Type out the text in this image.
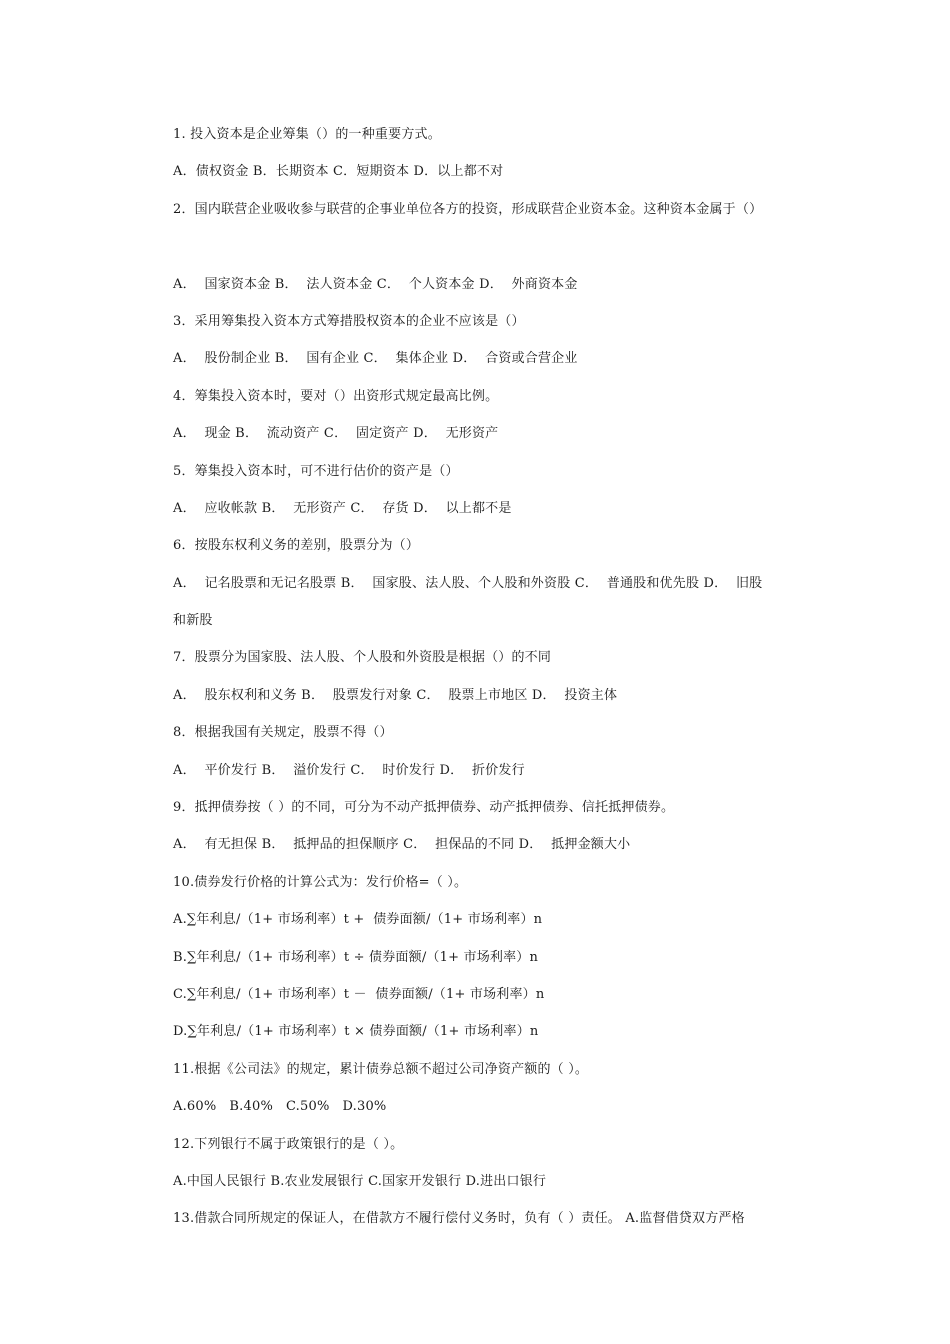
1. 投入资本是企业筹集（）的一种重要方式。
A．债权资金 B．长期资本 C．短期资本 D．以上都不对
2．国内联营企业吸收参与联营的企事业单位各方的投资，形成联营企业资本金。这种资本金属于（）
A．  国家资本金 B．  法人资本金 C．  个人资本金 D．  外商资本金
3．采用筹集投入资本方式筹措股权资本的企业不应该是（）
A．  股份制企业 B．  国有企业 C．  集体企业 D．  合资或合营企业
4．筹集投入资本时，要对（）出资形式规定最高比例。
A．  现金 B．  流动资产 C．  固定资产 D．  无形资产
5．筹集投入资本时，可不进行估价的资产是（）
A．  应收帐款 B．  无形资产 C．  存货 D．  以上都不是
6．按股东权利义务的差别，股票分为（）
A．  记名股票和无记名股票 B．  国家股、法人股、个人股和外资股 C．  普通股和优先股 D．  旧股
和新股
7．股票分为国家股、法人股、个人股和外资股是根据（）的不同
A．  股东权利和义务 B．  股票发行对象 C．  股票上市地区 D．  投资主体
8．根据我国有关规定，股票不得（）
A．  平价发行 B．  溢价发行 C．  时价发行 D．  折价发行
9．抵押债券按（ ）的不同，可分为不动产抵押债券、动产抵押债券、信托抵押债券。
A．  有无担保 B．  抵押品的担保顺序 C．  担保品的不同 D．  抵押金额大小
10.债券发行价格的计算公式为：发行价格=（ ）。
A.∑年利息/（1+ 市场利率）t +  债券面额/（1+ 市场利率）n
B.∑年利息/（1+ 市场利率）t ÷ 债券面额/（1+ 市场利率）n
C.∑年利息/（1+ 市场利率）t －  债券面额/（1+ 市场利率）n
D.∑年利息/（1+ 市场利率）t × 债券面额/（1+ 市场利率）n
11.根据《公司法》的规定，累计债券总额不超过公司净资产额的（ ）。
A.60%   B.40%   C.50%   D.30%
12.下列银行不属于政策银行的是（ ）。
A.中国人民银行 B.农业发展银行 C.国家开发银行 D.进出口银行
13.借款合同所规定的保证人，在借款方不履行偿付义务时，负有（ ）责任。 A.监督借贷双方严格
